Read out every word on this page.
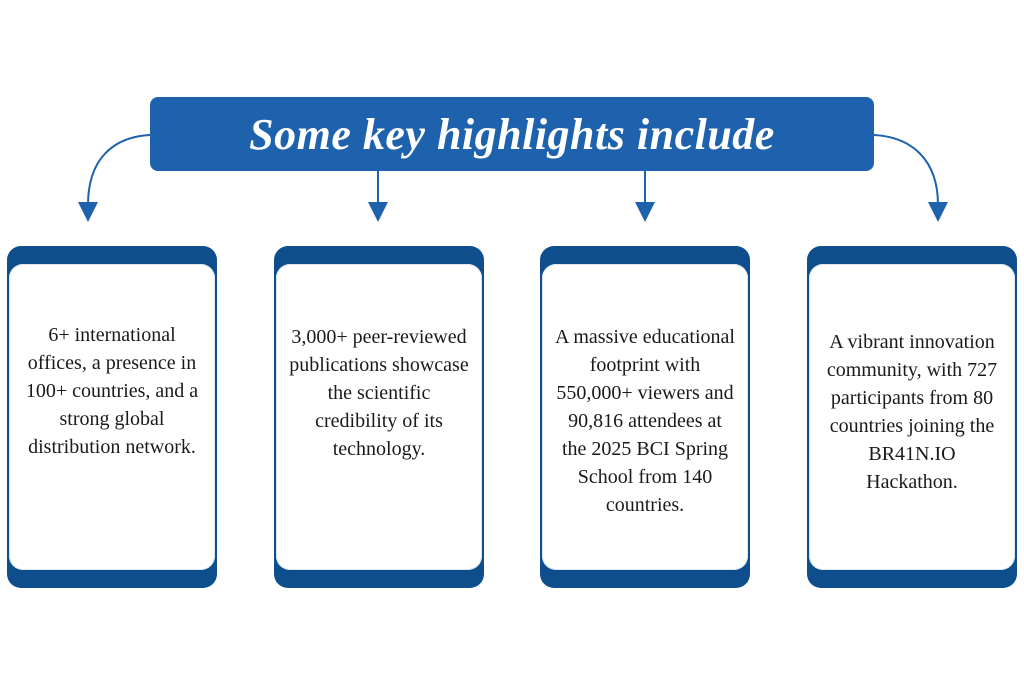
Some key highlights include
6+ international offices, a presence in 100+ countries, and a strong global distribution network.
3,000+ peer-reviewed publications showcase the scientific credibility of its technology.
A massive educational footprint with 550,000+ viewers and 90,816 attendees at the 2025 BCI Spring School from 140 countries.
A vibrant innovation community, with 727 participants from 80 countries joining the BR41N.IO Hackathon.
